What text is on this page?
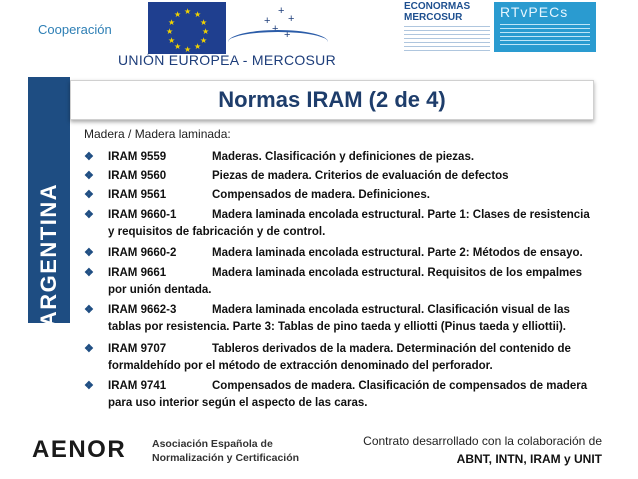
Cooperación
★ ★
★
★
★
★
★
★
★
★
★
★	+
+ +
+ +
UNIÓN EUROPEA - MERCOSUR
ECONORMAS
MERCOSUR	RTvPECs
ARGENTINA
Normas IRAM (2 de 4)
Madera / Madera laminada:
❖ IRAM 9559	Maderas. Clasificación y definiciones de piezas.
❖ IRAM 9560	Piezas de madera. Criterios de evaluación de defectos
❖ IRAM 9561	Compensados de madera. Definiciones.
❖ IRAM 9660-1	Madera laminada encolada estructural. Parte 1: Clases de resistencia
y requisitos de fabricación y de control.
❖ IRAM 9660-2	Madera laminada encolada estructural. Parte 2: Métodos de ensayo.
❖ IRAM 9661	Madera laminada encolada estructural. Requisitos de los empalmes
por unión dentada.
❖ IRAM 9662-3	Madera laminada encolada estructural. Clasificación visual de las
tablas por resistencia. Parte 3: Tablas de pino taeda y elliotti (Pinus taeda y elliottii).
❖ IRAM 9707	Tableros derivados de la madera. Determinación del contenido de
formaldehído por el método de extracción denominado del perforador.
❖ IRAM 9741	Compensados de madera. Clasificación de compensados de madera
para uso interior según el aspecto de las caras.
AENOR Asociación Española de
Normalización y Certificación
Contrato desarrollado con la colaboración de
ABNT, INTN, IRAM y UNIT
